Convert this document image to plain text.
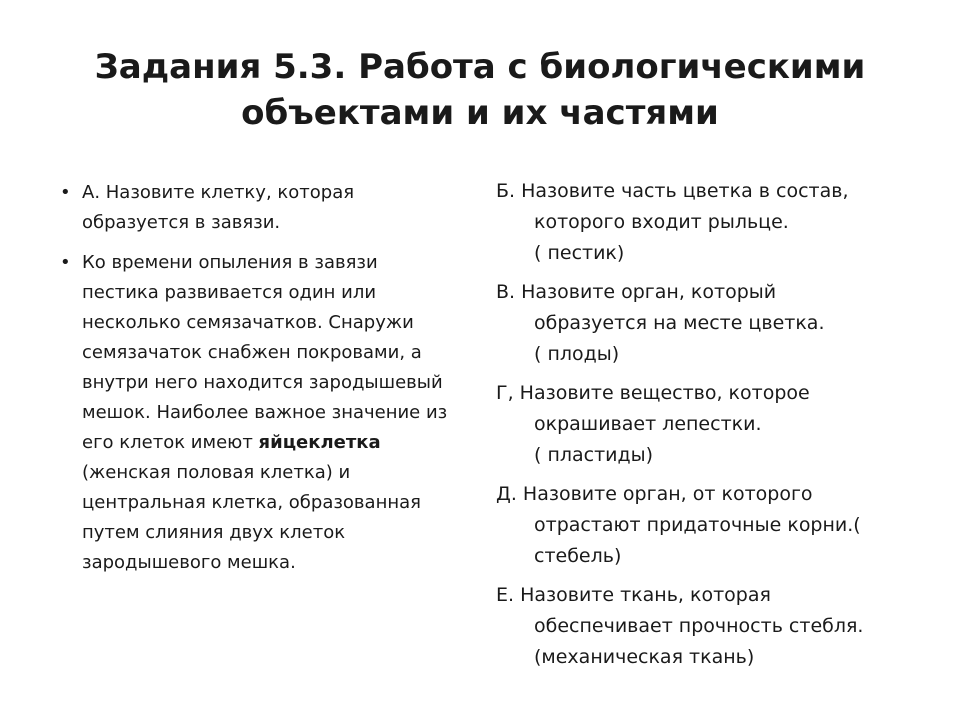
Задания 5.3. Работа с биологическими
объектами и их частями
• А. Назовите клетку, которая образуется в завязи.
• Ко времени опыления в завязи пестика развивается один или несколько семязачатков. Снаружи семязачаток снабжен покровами, а внутри него находится зародышевый мешок. Наиболее важное значение из его клеток имеют яйцеклетка (женская половая клетка) и центральная клетка, образованная путем слияния двух клеток зародышевого мешка.
Б. Назовите часть цветка в состав,
которого входит рыльце.
( пестик)
В. Назовите орган, который
образуется на месте цветка.
( плоды)
Г, Назовите вещество, которое
окрашивает лепестки.
( пластиды)
Д. Назовите орган, от которого
отрастают придаточные корни.(
стебель)
Е. Назовите ткань, которая
обеспечивает прочность стебля.
(механическая ткань)
